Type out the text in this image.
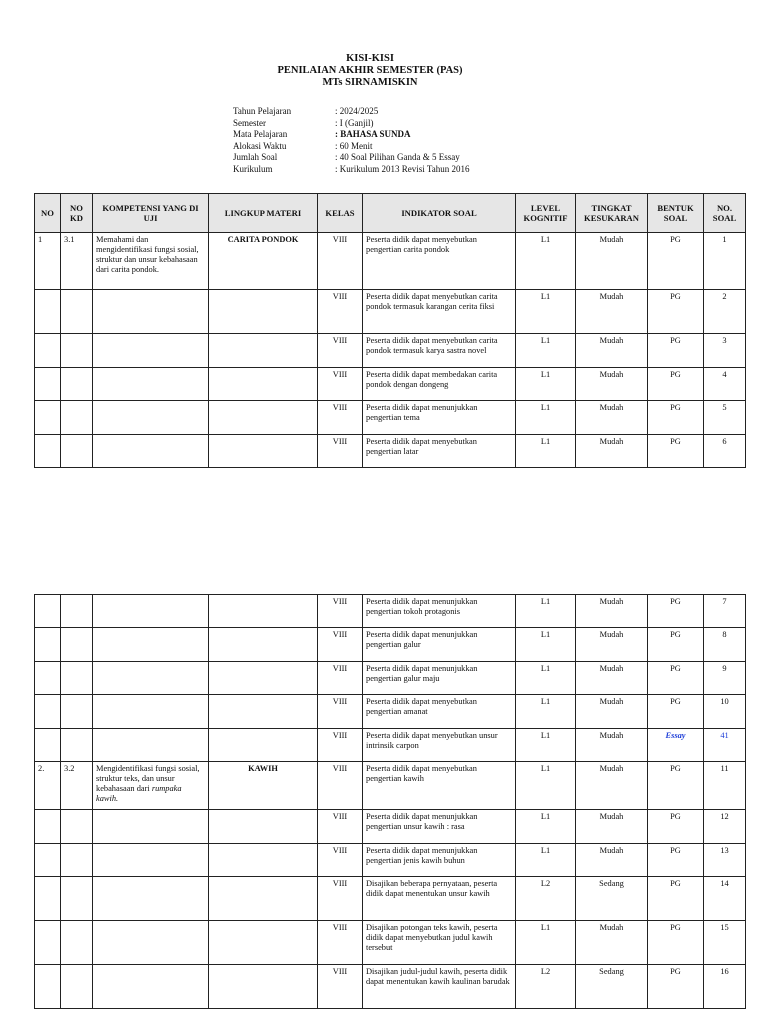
KISI-KISI
PENILAIAN AKHIR SEMESTER (PAS)
MTs SIRNAMISKIN
Tahun Pelajaran	: 2024/2025
Semester	: I (Ganjil)
Mata Pelajaran	: BAHASA SUNDA
Alokasi Waktu	: 60 Menit
Jumlah Soal	: 40 Soal Pilihan Ganda & 5 Essay
Kurikulum	: Kurikulum 2013 Revisi Tahun 2016
NO	NO KD	KOMPETENSI YANG DI UJI	LINGKUP MATERI	KELAS	INDIKATOR SOAL	LEVEL KOGNITIF	TINGKAT KESUKARAN	BENTUK SOAL	NO. SOAL
1	3.1	Memahami dan mengidentifikasi fungsi sosial, struktur dan unsur kebahasaan dari carita pondok.	CARITA PONDOK	VIII	Peserta didik dapat menyebutkan pengertian carita pondok	L1	Mudah	PG	1
				VIII	Peserta didik dapat menyebutkan carita pondok termasuk karangan cerita fiksi	L1	Mudah	PG	2
				VIII	Peserta didik dapat menyebutkan carita pondok termasuk karya sastra novel	L1	Mudah	PG	3
				VIII	Peserta didik dapat membedakan carita pondok dengan dongeng	L1	Mudah	PG	4
				VIII	Peserta didik dapat menunjukkan pengertian tema	L1	Mudah	PG	5
				VIII	Peserta didik dapat menyebutkan pengertian latar	L1	Mudah	PG	6
				VIII	Peserta didik dapat menunjukkan pengertian tokoh protagonis	L1	Mudah	PG	7
				VIII	Peserta didik dapat menunjukkan pengertian galur	L1	Mudah	PG	8
				VIII	Peserta didik dapat menunjukkan pengertian galur maju	L1	Mudah	PG	9
				VIII	Peserta didik dapat menyebutkan pengertian amanat	L1	Mudah	PG	10
				VIII	Peserta didik dapat menyebutkan unsur intrinsik carpon	L1	Mudah	Essay	41
2.	3.2	Mengidentifikasi fungsi sosial, struktur teks, dan unsur kebahasaan dari rumpaka kawih.	KAWIH	VIII	Peserta didik dapat menyebutkan pengertian kawih	L1	Mudah	PG	11
				VIII	Peserta didik dapat menunjukkan pengertian unsur kawih : rasa	L1	Mudah	PG	12
				VIII	Peserta didik dapat menunjukkan pengertian jenis kawih buhun	L1	Mudah	PG	13
				VIII	Disajikan beberapa pernyataan, peserta didik dapat menentukan unsur kawih	L2	Sedang	PG	14
				VIII	Disajikan potongan teks kawih, peserta didik dapat menyebutkan judul kawih tersebut	L1	Mudah	PG	15
				VIII	Disajikan judul-judul kawih, peserta didik dapat menentukan kawih kaulinan barudak	L2	Sedang	PG	16
